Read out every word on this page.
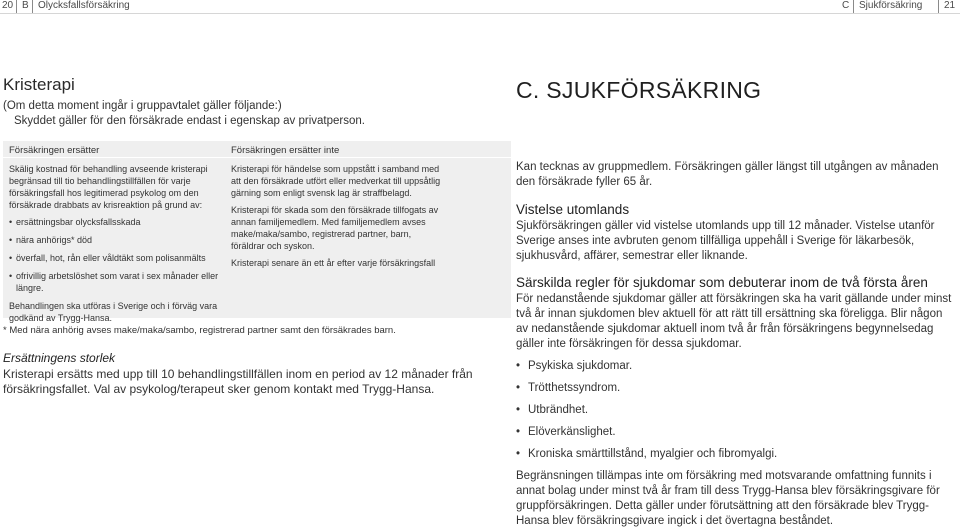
20 B Olycksfallsförsäkring	C Sjukförsäkring 21
Kristerapi
(Om detta moment ingår i gruppavtalet gäller följande:)
Skyddet gäller för den försäkrade endast i egenskap av privatperson.
Försäkringen ersätter	Försäkringen ersätter inte

Skälig kostnad för behandling avseende kristerapi begränsad till tio behandlingstillfällen för varje försäkringsfall hos legitimerad psykolog om den försäkrade drabbats av krisreaktion på grund av:

• ersättningsbar olycksfallsskada
• nära anhörigs* död
• överfall, hot, rån eller våldtäkt som polisanmälts
• ofrivillig arbetslöshet som varat i sex månader eller längre.

Behandlingen ska utföras i Sverige och i förväg vara godkänd av Trygg-Hansa.

Kristerapi för händelse som uppstått i samband med att den försäkrade utfört eller medverkat till uppsåtlig gärning som enligt svensk lag är straffbelagd.

Kristerapi för skada som den försäkrade tillfogats av annan familjemedlem. Med familjemedlem avses make/maka/sambo, registrerad partner, barn, föräldrar och syskon.

Kristerapi senare än ett år efter varje försäkringsfall

* Med nära anhörig avses make/maka/sambo, registrerad partner samt den försäkrades barn.
Ersättningens storlek
Kristerapi ersätts med upp till 10 behandlingstillfällen inom en period av 12 månader från försäkringsfallet. Val av psykolog/terapeut sker genom kontakt med Trygg-Hansa.
C. SJUKFÖRSÄKRING
Kan tecknas av gruppmedlem. Försäkringen gäller längst till utgången av månaden den försäkrade fyller 65 år.
Vistelse utomlands
Sjukförsäkringen gäller vid vistelse utomlands upp till 12 månader. Vistelse utanför Sverige anses inte avbruten genom tillfälliga uppehåll i Sverige för läkarbesök, sjukhusvård, affärer, semestrar eller liknande.
Särskilda regler för sjukdomar som debuterar inom de två första åren
För nedanstående sjukdomar gäller att försäkringen ska ha varit gällande under minst två år innan sjukdomen blev aktuell för att rätt till ersättning ska föreligga. Blir någon av nedanstående sjukdomar aktuell inom två år från försäkringens begynnelsedag gäller inte försäkringen för dessa sjukdomar.
• Psykiska sjukdomar.
• Trötthetssyndrom.
• Utbrändhet.
• Elöverkänslighet.
• Kroniska smärttillstånd, myalgier och fibromyalgi.
Begränsningen tillämpas inte om försäkring med motsvarande omfattning funnits i annat bolag under minst två år fram till dess Trygg-Hansa blev försäkringsgivare för gruppförsäkringen. Detta gäller under förutsättning att den försäkrade blev Trygg-Hansa blev försäkringsgivare ingick i det övertagna beståndet.
